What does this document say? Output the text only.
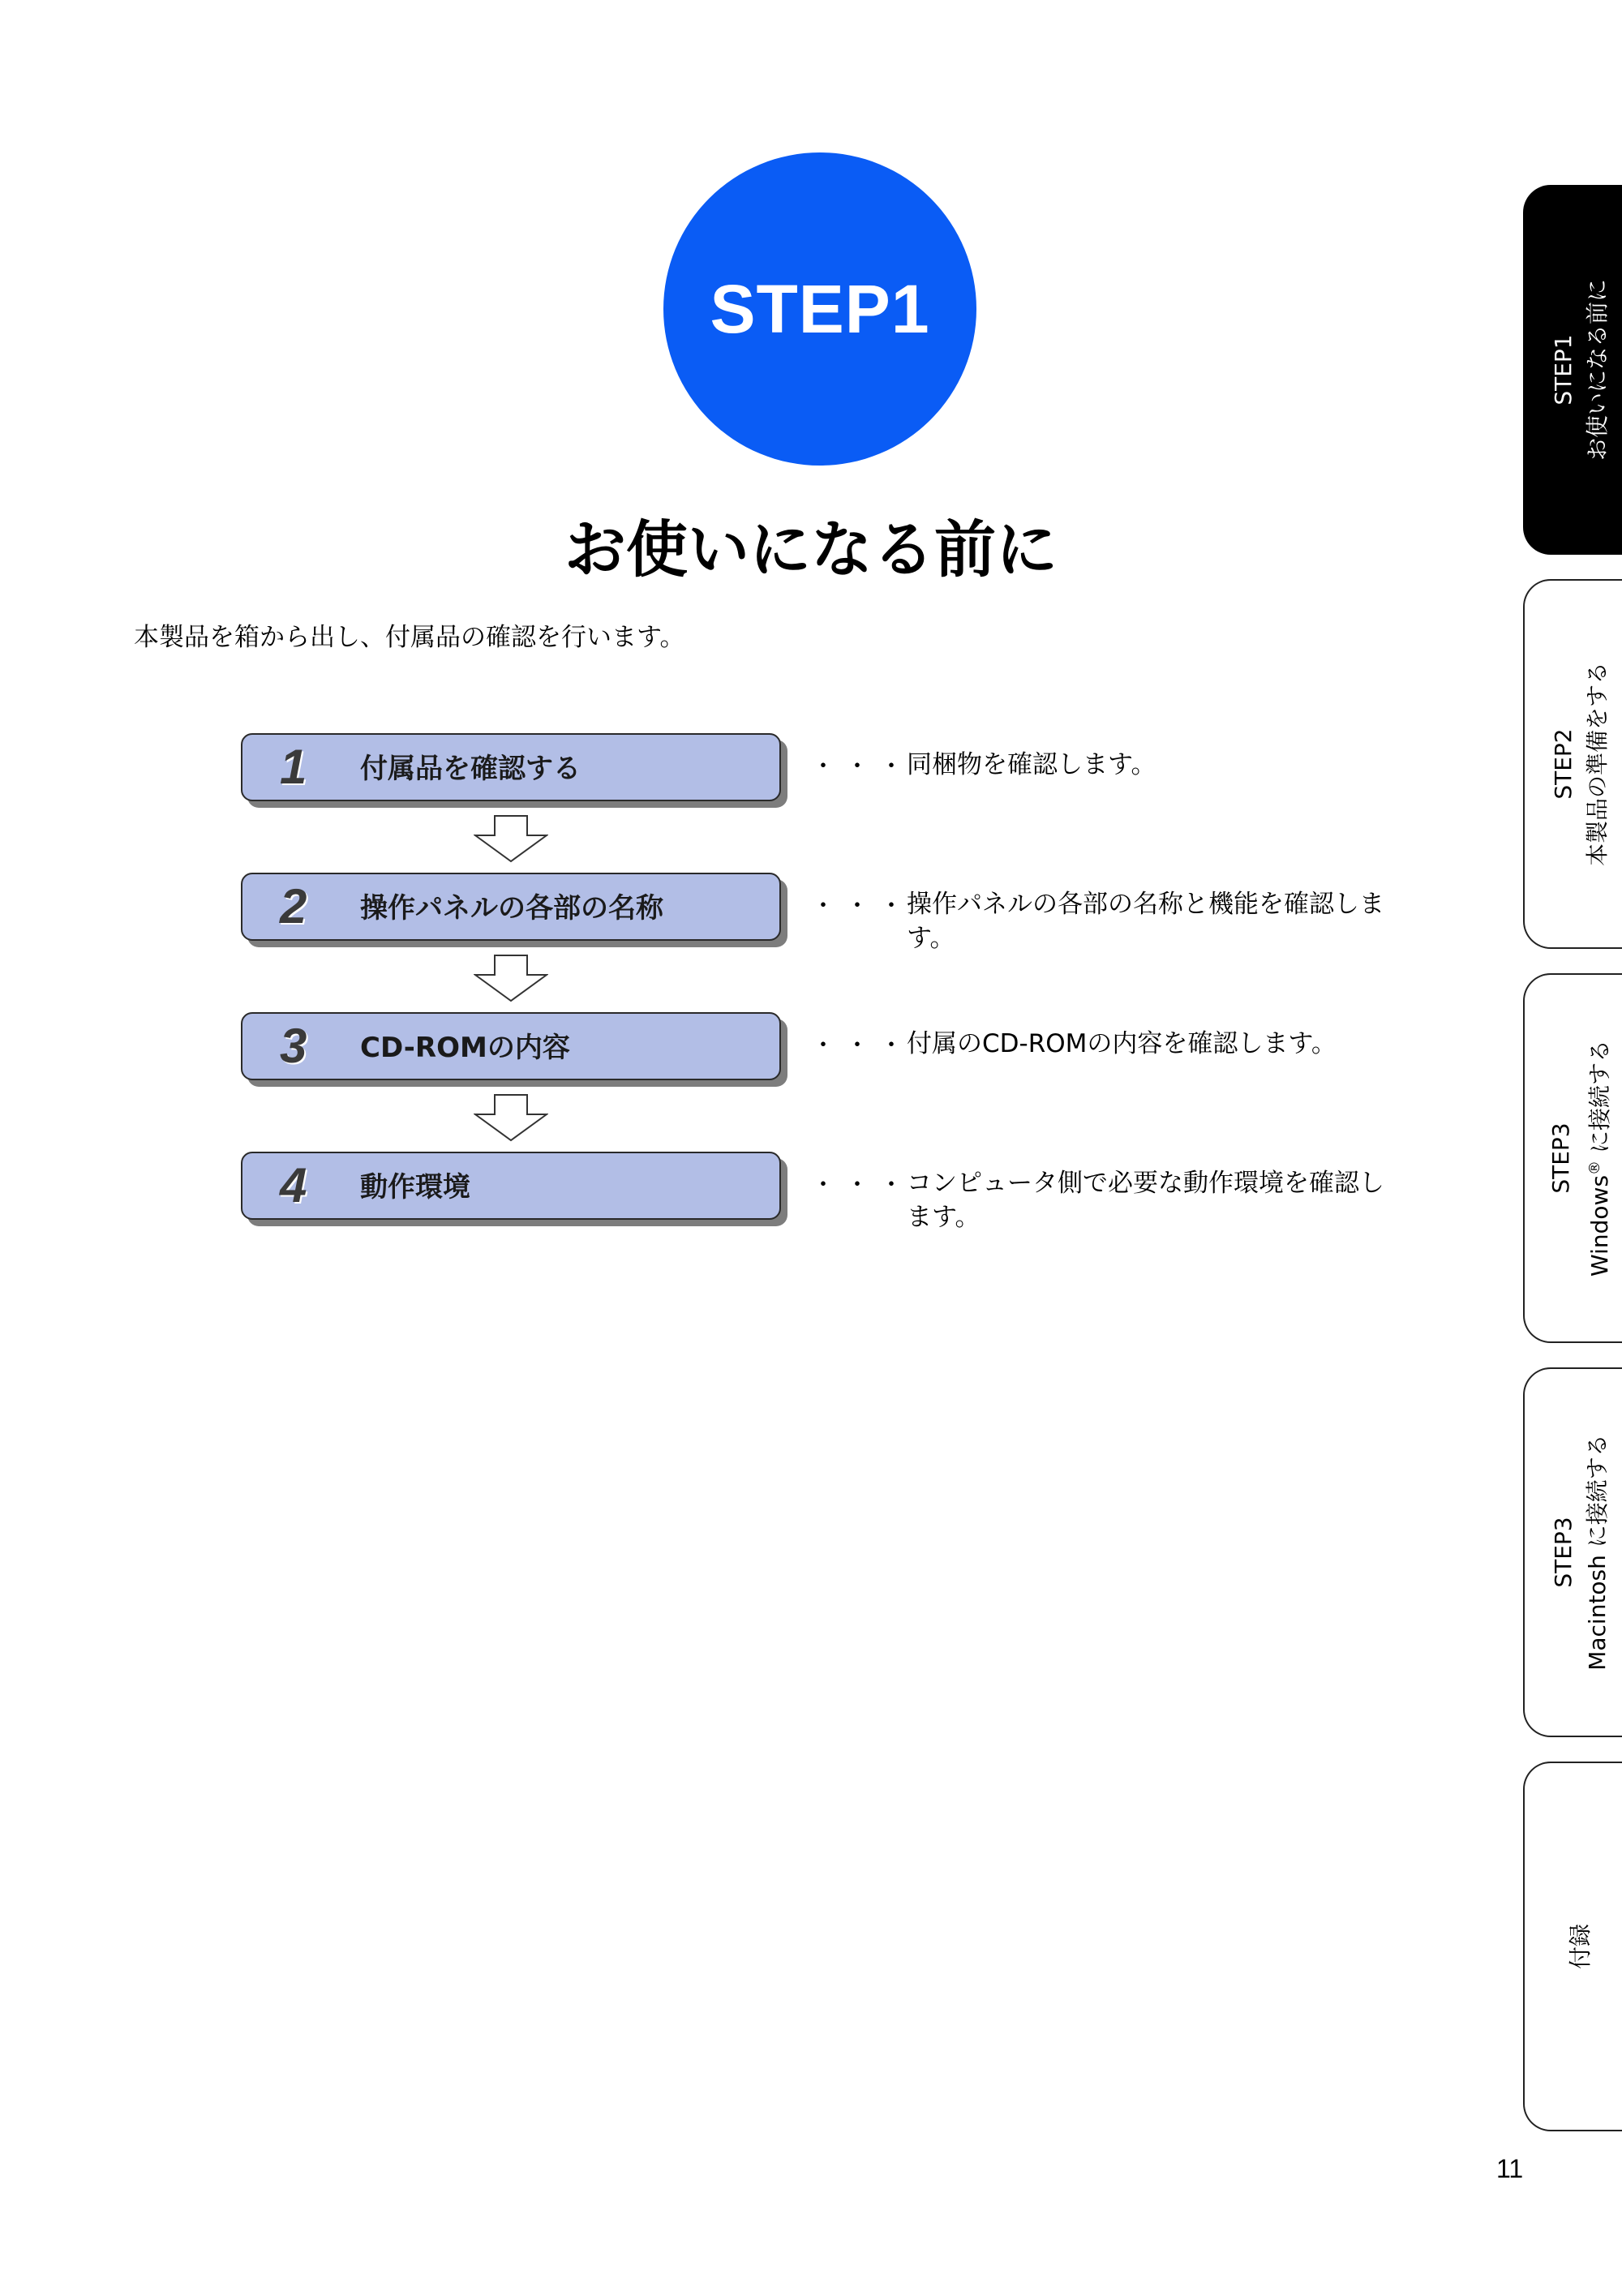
STEP1
お使いになる前に
本製品を箱から出し、付属品の確認を行います。
1 付属品を確認する	・・・
同梱物を確認します。
2 操作パネルの各部の名称	・・・
操作パネルの各部の名称と機能を確認します。
3 CD-ROMの内容	・・・
付属のCD-ROMの内容を確認します。
4 動作環境	・・・
コンピュータ側で必要な動作環境を確認します。
STEP1 お使いになる前に
STEP2 本製品の準備をする
STEP3
Windows® に接続する
STEP3 Macintosh に接続する
付録
11
